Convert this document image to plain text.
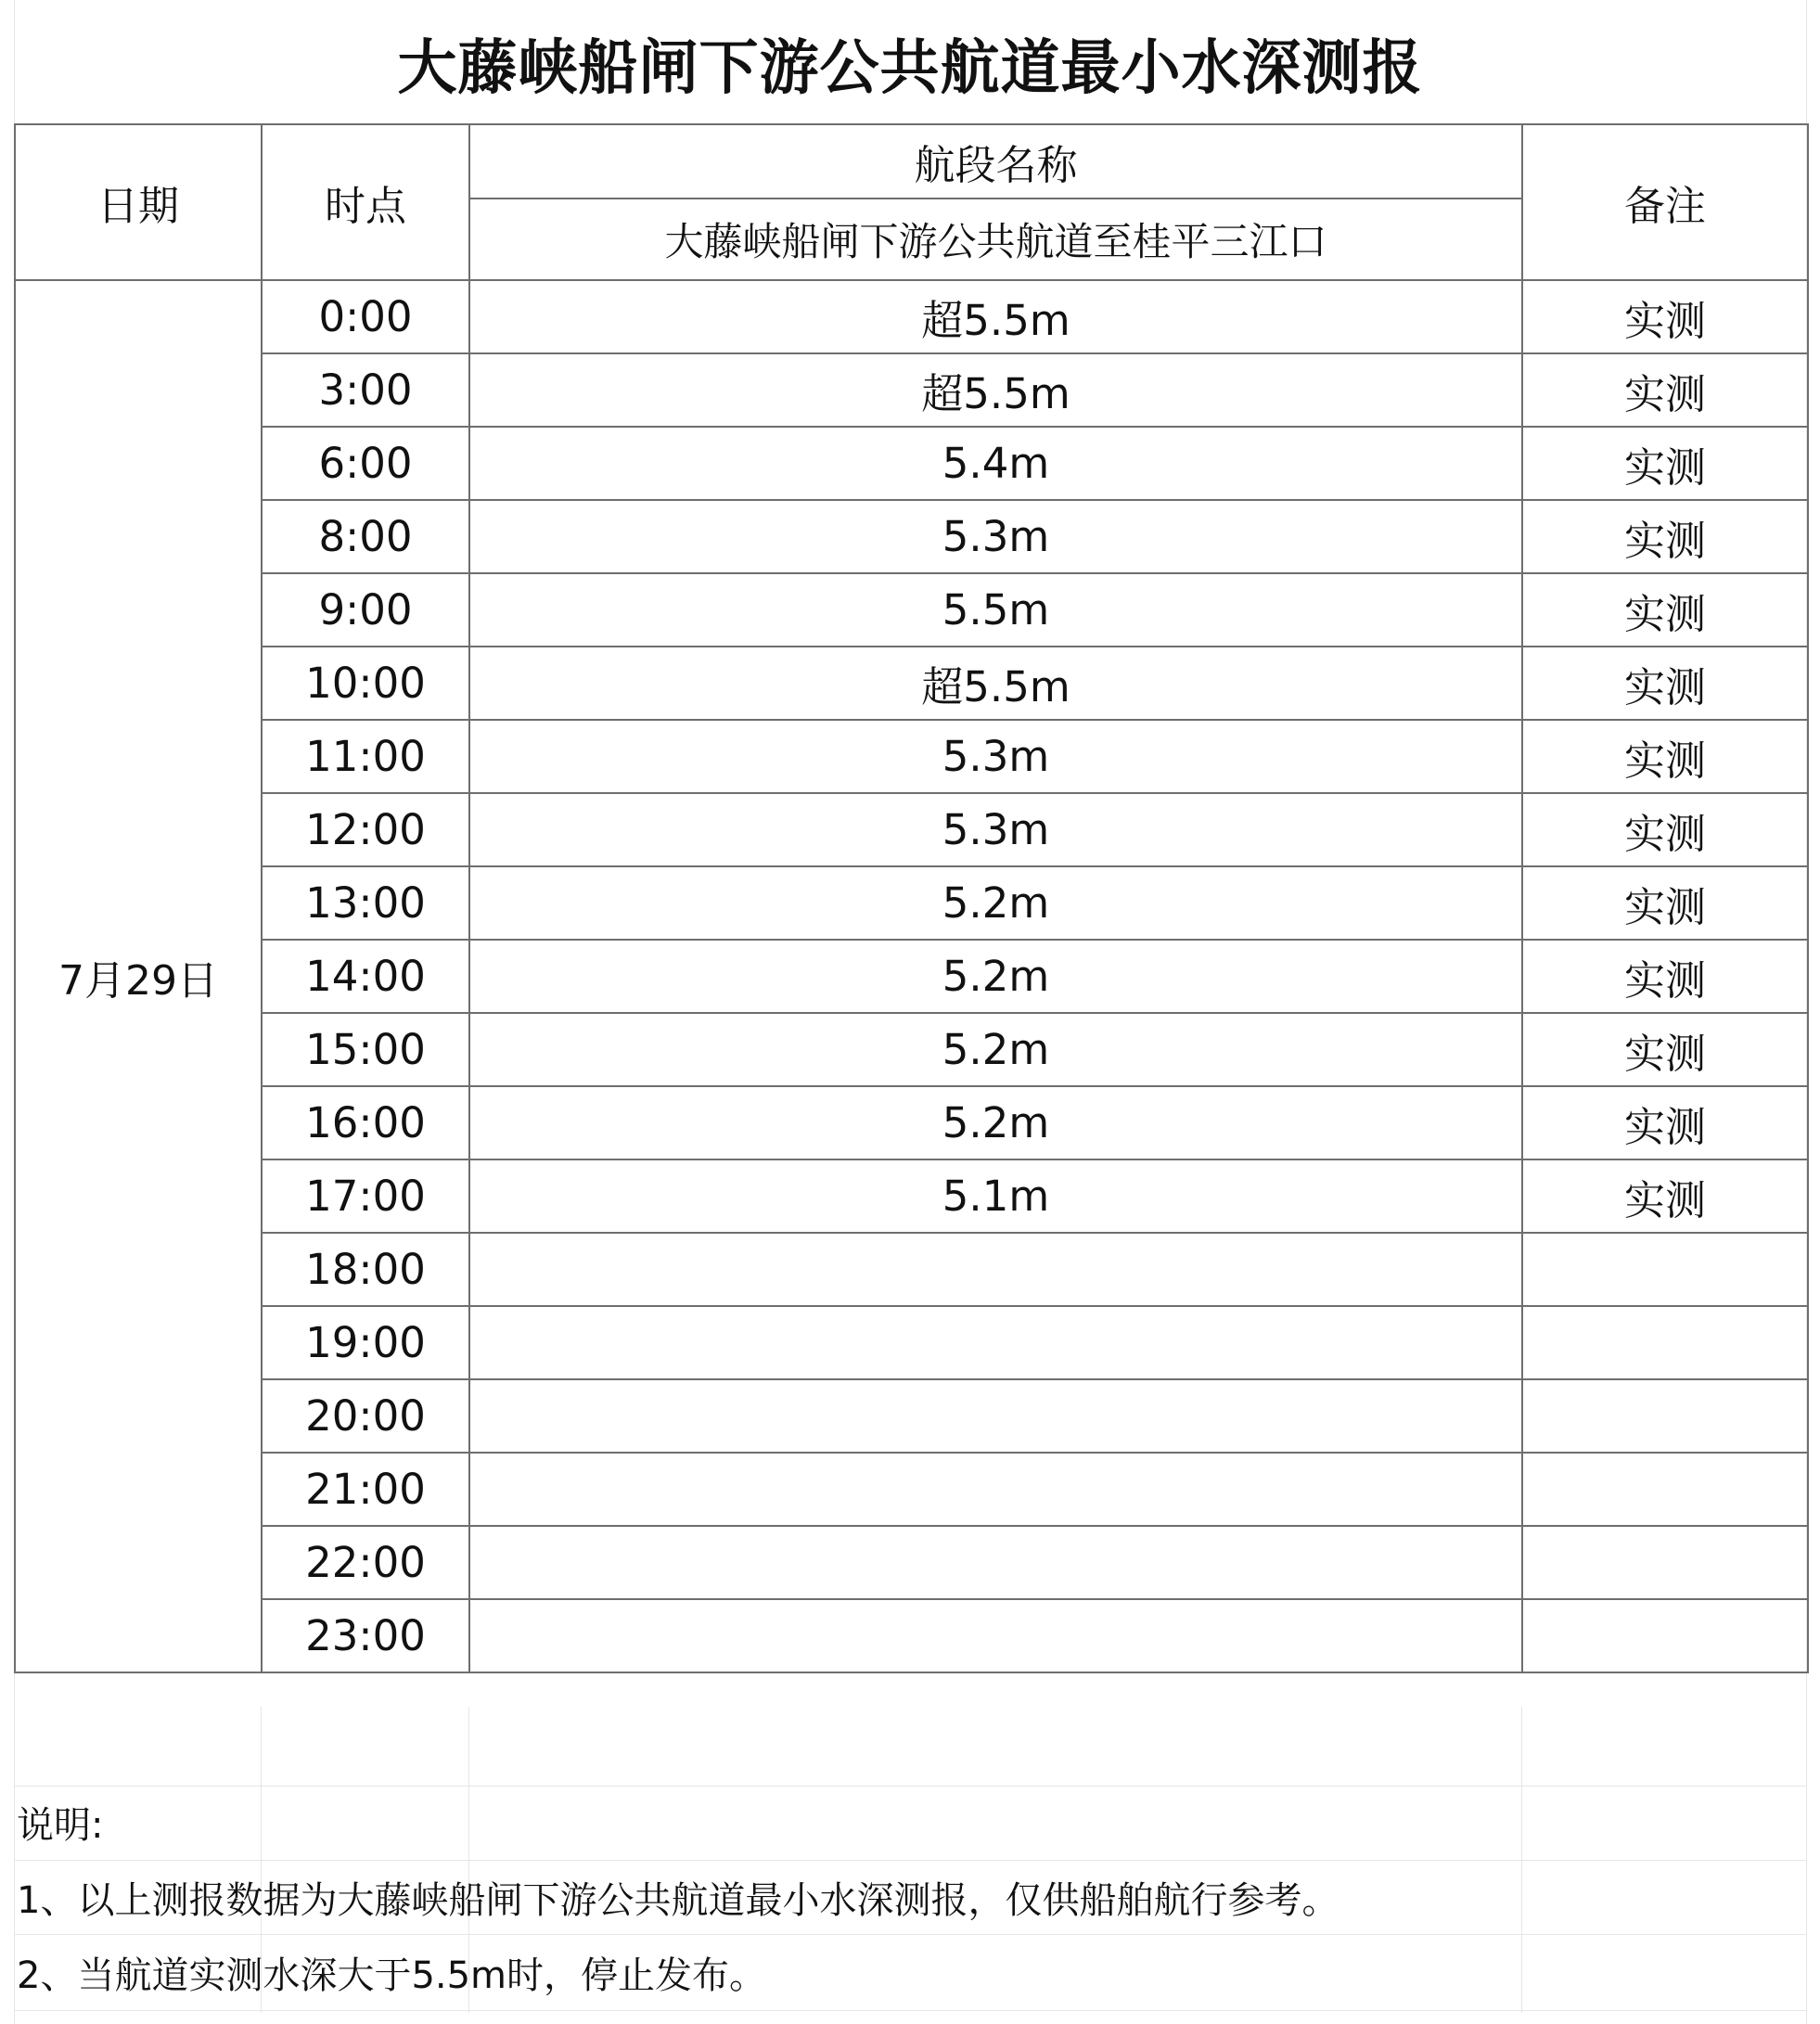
大藤峡船闸下游公共航道最小水深测报
日期	时点	航段名称	备注
		大藤峡船闸下游公共航道至桂平三江口	
7月29日	0:00	超5.5m	实测
	3:00	超5.5m	实测
	6:00	5.4m	实测
	8:00	5.3m	实测
	9:00	5.5m	实测
	10:00	超5.5m	实测
	11:00	5.3m	实测
	12:00	5.3m	实测
	13:00	5.2m	实测
	14:00	5.2m	实测
	15:00	5.2m	实测
	16:00	5.2m	实测
	17:00	5.1m	实测
	18:00		
	19:00		
	20:00		
	21:00		
	22:00		
	23:00		
说明:
1、以上测报数据为大藤峡船闸下游公共航道最小水深测报，仅供船舶航行参考。
2、当航道实测水深大于5.5m时，停止发布。
